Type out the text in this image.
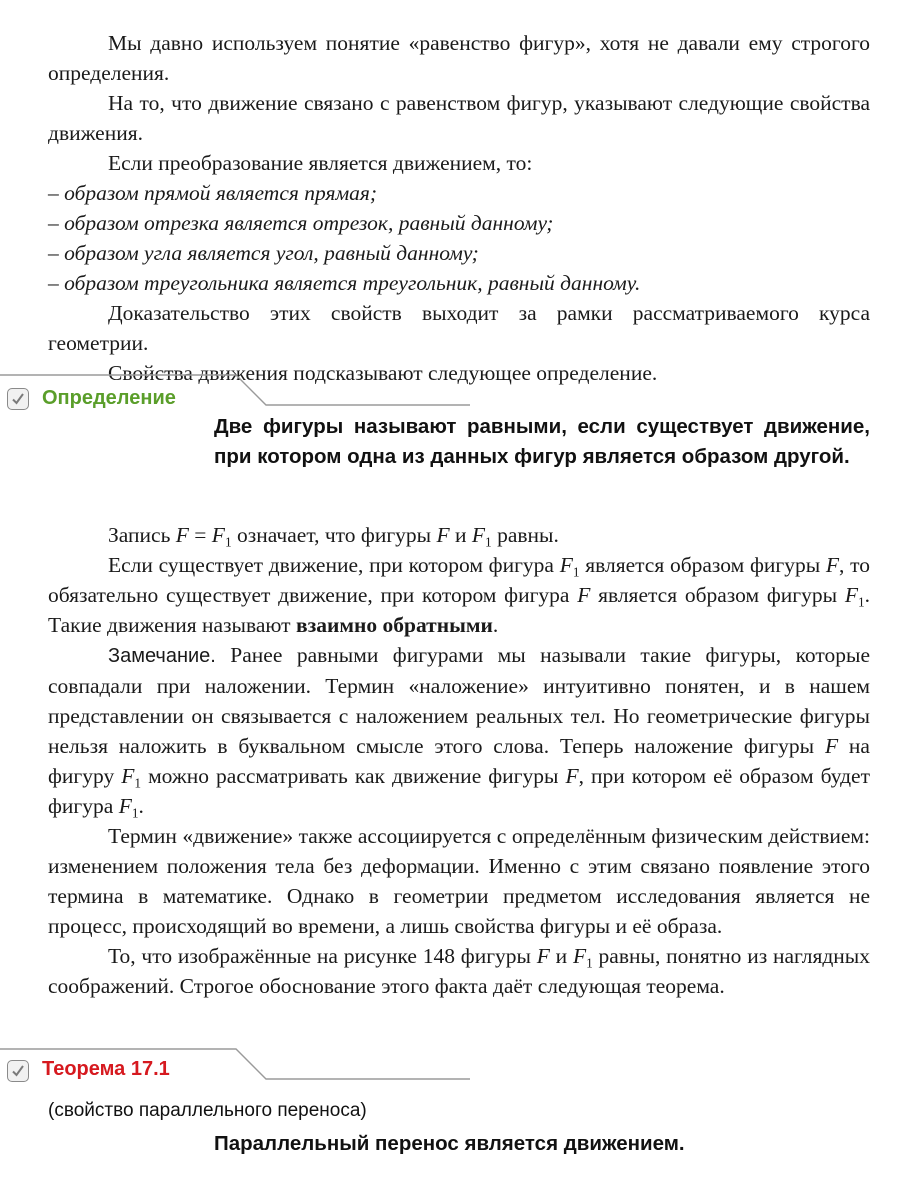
Мы давно используем понятие «равенство фигур», хотя не давали ему строгого определения.

На то, что движение связано с равенством фигур, указывают следующие свойства движения.

Если преобразование является движением, то:

– образом прямой является прямая;
– образом отрезка является отрезок, равный данному;
– образом угла является угол, равный данному;
– образом треугольника является треугольник, равный данному.

Доказательство этих свойств выходит за рамки рассматриваемого курса геометрии.

Свойства движения подсказывают следующее определение.

Определение
Две фигуры называют равными, если существует движение, при котором одна из данных фигур является образом другой.

Запись $F = F_1$ означает, что фигуры F и $F_1$ равны.

Если существует движение, при котором фигура $F_1$ является образом фигуры F, то обязательно существует движение, при котором фигура F является образом фигуры $F_1$. Такие движения называют взаимно обратными.

Замечание. Ранее равными фигурами мы называли такие фигуры, которые совпадали при наложении. Термин «наложение» интуитивно понятен, и в нашем представлении он связывается с наложением реальных тел. Но геометрические фигуры нельзя наложить в буквальном смысле этого слова. Теперь наложение фигуры F на фигуру $F_1$ можно рассматривать как движение фигуры F, при котором её образом будет фигура $F_1$.

Термин «движение» также ассоциируется с определённым физическим действием: изменением положения тела без деформации. Именно с этим связано появление этого термина в математике. Однако в геометрии предметом исследования является не процесс, происходящий во времени, а лишь свойства фигуры и её образа.

То, что изображённые на рисунке 148 фигуры F и $F_1$ равны, понятно из наглядных соображений. Строгое обоснование этого факта даёт следующая теорема.

Теорема 17.1
(свойство параллельного переноса)
Параллельный перенос является движением.
